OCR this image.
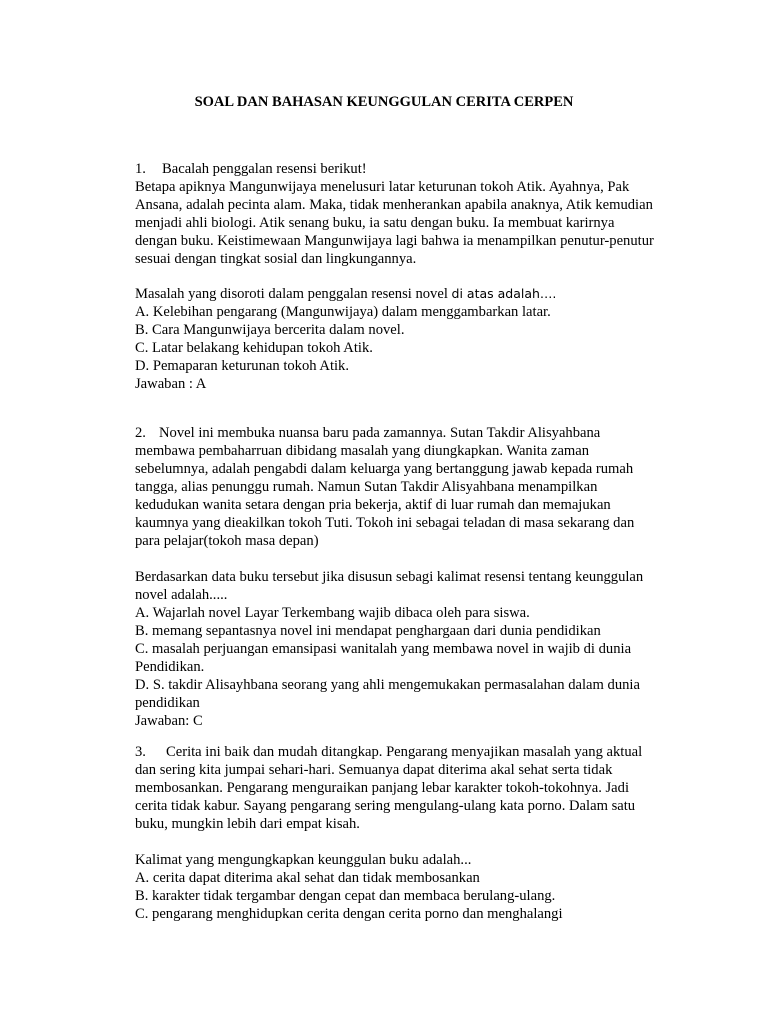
SOAL DAN BAHASAN KEUNGGULAN CERITA CERPEN
1. Bacalah penggalan resensi berikut!
Betapa apiknya Mangunwijaya menelusuri latar keturunan tokoh Atik. Ayahnya, Pak
Ansana, adalah pecinta alam. Maka, tidak menherankan apabila anaknya, Atik kemudian
menjadi ahli biologi. Atik senang buku, ia satu dengan buku. Ia membuat karirnya
dengan buku. Keistimewaan Mangunwijaya lagi bahwa ia menampilkan penutur-penutur
sesuai dengan tingkat sosial dan lingkungannya.
Masalah yang disoroti dalam penggalan resensi novel di atas adalah….
A. Kelebihan pengarang (Mangunwijaya) dalam menggambarkan latar.
B. Cara Mangunwijaya bercerita dalam novel.
C. Latar belakang kehidupan tokoh Atik.
D. Pemaparan keturunan tokoh Atik.
Jawaban : A
2. Novel ini membuka nuansa baru pada zamannya. Sutan Takdir Alisyahbana
membawa pembaharruan dibidang masalah yang diungkapkan. Wanita zaman
sebelumnya, adalah pengabdi dalam keluarga yang bertanggung jawab kepada rumah
tangga, alias penunggu rumah. Namun Sutan Takdir Alisyahbana menampilkan
kedudukan wanita setara dengan pria bekerja, aktif di luar rumah dan memajukan
kaumnya yang dieakilkan tokoh Tuti. Tokoh ini sebagai teladan di masa sekarang dan
para pelajar(tokoh masa depan)
Berdasarkan data buku tersebut jika disusun sebagi kalimat resensi tentang keunggulan
novel adalah.....
A. Wajarlah novel Layar Terkembang wajib dibaca oleh para siswa.
B. memang sepantasnya novel ini mendapat penghargaan dari dunia pendidikan
C. masalah perjuangan emansipasi wanitalah yang membawa novel in wajib di dunia
Pendidikan.
D. S. takdir Alisayhbana seorang yang ahli mengemukakan permasalahan dalam dunia
pendidikan
Jawaban: C
3. Cerita ini baik dan mudah ditangkap. Pengarang menyajikan masalah yang aktual
dan sering kita jumpai sehari-hari. Semuanya dapat diterima akal sehat serta tidak
membosankan. Pengarang menguraikan panjang lebar karakter tokoh-tokohnya. Jadi
cerita tidak kabur. Sayang pengarang sering mengulang-ulang kata porno. Dalam satu
buku, mungkin lebih dari empat kisah.
Kalimat yang mengungkapkan keunggulan buku adalah...
A. cerita dapat diterima akal sehat dan tidak membosankan
B. karakter tidak tergambar dengan cepat dan membaca berulang-ulang.
C. pengarang menghidupkan cerita dengan cerita porno dan menghalangi
